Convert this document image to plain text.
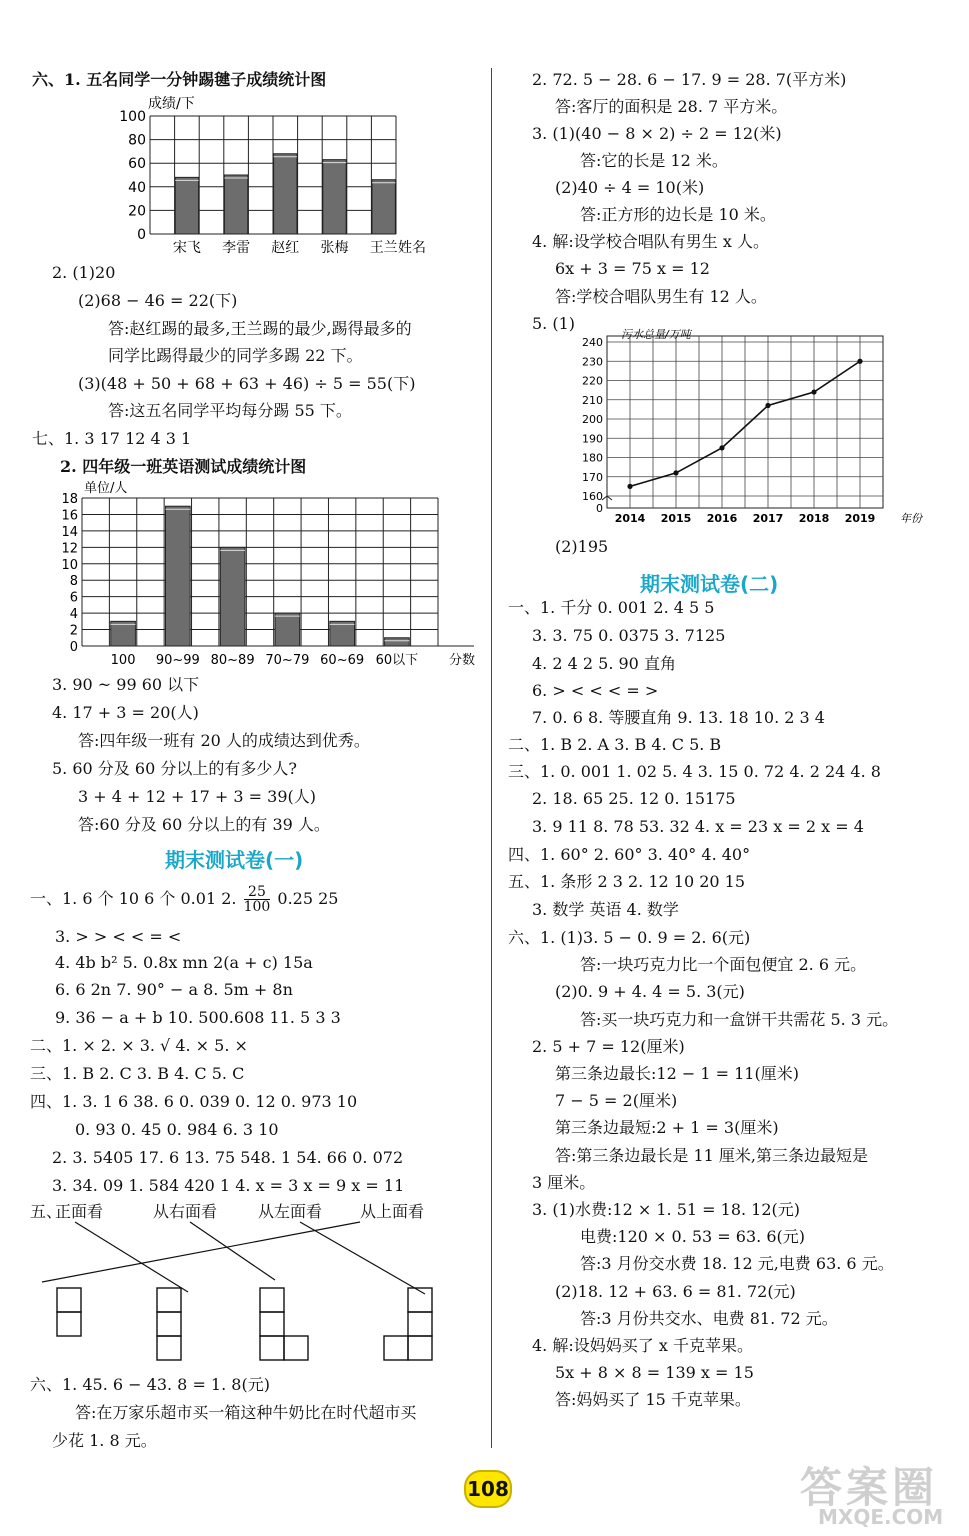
六、1. 五名同学一分钟踢毽子成绩统计图
0
20
40
60
80
100
宋飞 李雷 赵红 张梅 王兰
成绩/下
姓名
2. (1)20
(2)68 − 46 = 22(下)
答:赵红踢的最多,王兰踢的最少,踢得最多的
同学比踢得最少的同学多踢 22 下。
(3)(48 + 50 + 68 + 63 + 46) ÷ 5 = 55(下)
答:这五名同学平均每分踢 55 下。
七、1. 3 17 12 4 3 1
2. 四年级一班英语测试成绩统计图
0
2
4
6
8
10
12
14
16
18
100 90~99 80~89 70~79 60~69 60以下
单位/人
分数
3. 90 ~ 99 60 以下
4. 17 + 3 = 20(人)
答:四年级一班有 20 人的成绩达到优秀。
5. 60 分及 60 分以上的有多少人?
3 + 4 + 12 + 17 + 3 = 39(人)
答:60 分及 60 分以上的有 39 人。
期末测试卷(一)
一、1. 6 个 10 6 个 0.01 2. $\frac{25}{100} 0.25$ 25
3. > > < < = <
4. 4b b² 5. 0.8x mn 2(a + c) 15a
6. 6 2n 7. 90° − a 8. 5m + 8n
9. 36 − a + b 10. 500.608 11. 5 3 3
二、1. × 2. × 3. √ 4. × 5. ×
三、1. B 2. C 3. B 4. C 5. C
四、1. 3. 1 6 38. 6 0. 039 0. 12 0. 973 10
0. 93 0. 45 0. 984 6. 3 10
2. 3. 5405 17. 6 13. 75 548. 1 54. 66 0. 072
3. 34. 09 1. 584 420 1 4. x = 3 x = 9 x = 11
五、
正面看	从右面看	从左面看 从上面看
六、1. 45. 6 − 43. 8 = 1. 8(元)
答:在万家乐超市买一箱这种牛奶比在时代超市买
少花 1. 8 元。
2. 72. 5 − 28. 6 − 17. 9 = 28. 7(平方米)
答:客厅的面积是 28. 7 平方米。
3. (1)(40 − 8 × 2) ÷ 2 = 12(米)
答:它的长是 12 米。
(2)40 ÷ 4 = 10(米)
答:正方形的边长是 10 米。
4. 解:设学校合唱队有男生 x 人。
6x + 3 = 75 x = 12
答:学校合唱队男生有 12 人。
5. (1)
0
160
170
180
190
200
210
220
230
240
2014 2015 2016 2017 2018 2019
污水总量/万吨
年份
(2)195
期末测试卷(二)
一、1. 千分 0. 001 2. 4 5 5
3. 3. 75 0. 0375 3. 7125
4. 2 4 2 5. 90 直角
6. > < < < = >
7. 0. 6 8. 等腰直角 9. 13. 18 10. 2 3 4
二、1. B 2. A 3. B 4. C 5. B
三、1. 0. 001 1. 02 5. 4 3. 15 0. 72 4. 2 24 4. 8
2. 18. 65 25. 12 0. 15175
3. 9 11 8. 78 53. 32 4. x = 23 x = 2 x = 4
四、1. 60° 2. 60° 3. 40° 4. 40°
五、1. 条形 2 3 2. 12 10 20 15
3. 数学 英语 4. 数学
六、1. (1)3. 5 − 0. 9 = 2. 6(元)
答:一块巧克力比一个面包便宜 2. 6 元。
(2)0. 9 + 4. 4 = 5. 3(元)
答:买一块巧克力和一盒饼干共需花 5. 3 元。
2. 5 + 7 = 12(厘米)
第三条边最长:12 − 1 = 11(厘米)
7 − 5 = 2(厘米)
第三条边最短:2 + 1 = 3(厘米)
答:第三条边最长是 11 厘米,第三条边最短是
3 厘米。
3. (1)水费:12 × 1. 51 = 18. 12(元)
电费:120 × 0. 53 = 63. 6(元)
答:3 月份交水费 18. 12 元,电费 63. 6 元。
(2)18. 12 + 63. 6 = 81. 72(元)
答:3 月份共交水、电费 81. 72 元。
4. 解:设妈妈买了 x 千克苹果。
5x + 8 × 8 = 139 x = 15
答:妈妈买了 15 千克苹果。
108	答案圈
MXQE.COM
